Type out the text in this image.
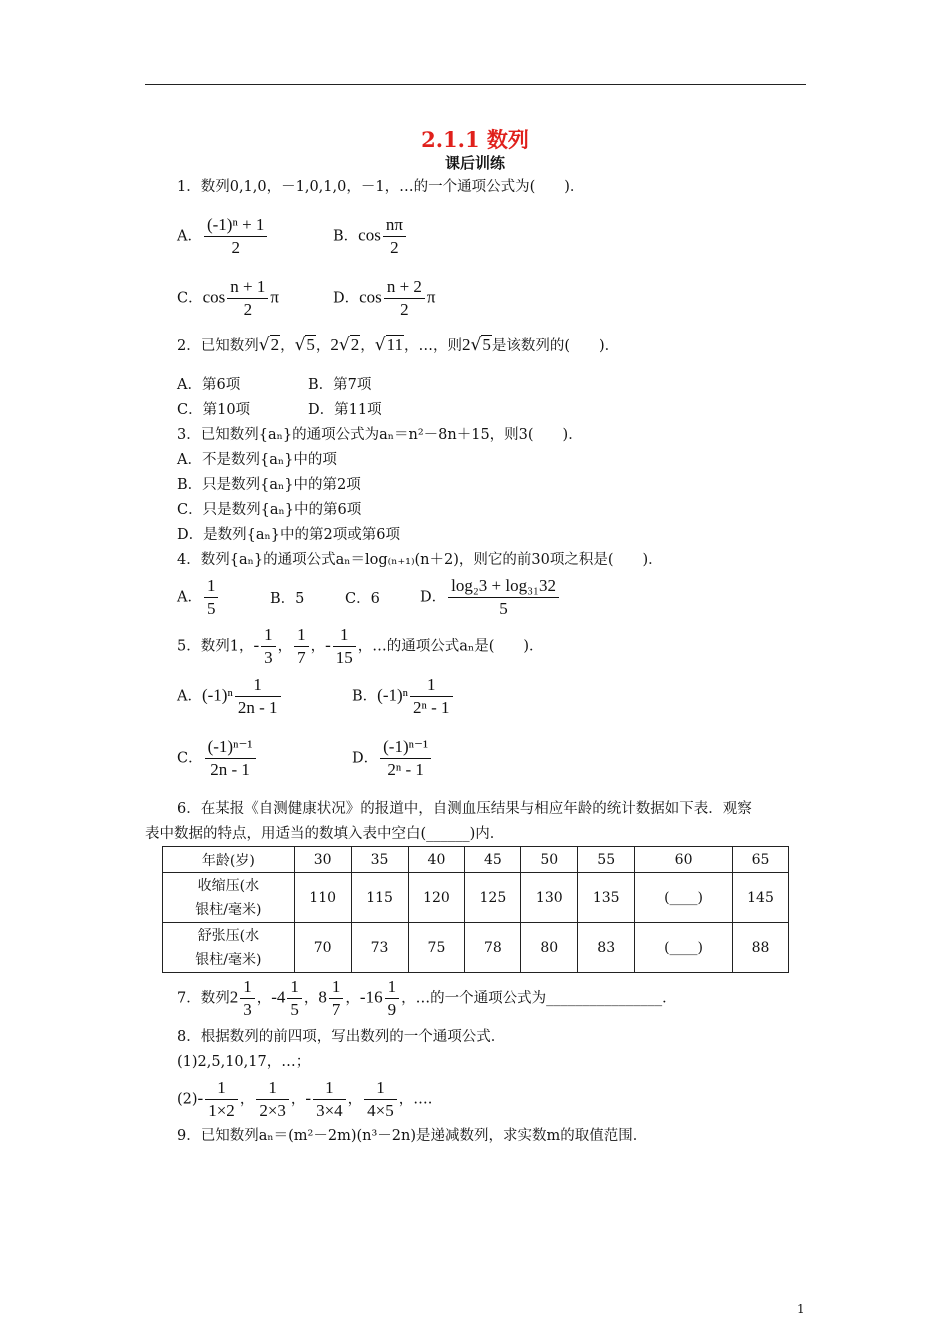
2.1.1 数列
课后训练
1．数列0,1,0，－1,0,1,0，－1，…的一个通项公式为(　　)．
A． $\frac{\text{(-1)ⁿ + 1}}{2}$	B．$\cos \frac{n\pi}{2}$
C．$\cos \frac{n + 1}{2}$ π	D．$\cos \frac{n + 2}{2}$ π
2．已知数列√2，√5，2√2，√11，…，则2√5是该数列的(　　)．
A．第6项	B．第7项
C．第10项	D．第11项
3．已知数列{aₙ}的通项公式为aₙ＝n²－8n＋15，则3(　　)．
A．不是数列{aₙ}中的项
B．只是数列{aₙ}中的第2项
C．只是数列{aₙ}中的第6项
D．是数列{aₙ}中的第2项或第6项
4．数列{aₙ}的通项公式aₙ＝log₍ₙ₊₁₎(n＋2)，则它的前30项之积是(　　)．
A． $\frac{1}{5}$	B．5	C．6	D． $\frac{\text{log₂3 + log₃₁32}}{5}$
5．数列1，- $\frac{1}{3}$ ， $\frac{1}{7}$ ，- $\frac{1}{15}$ ，…的通项公式aₙ是(　　)．
A．$(-1)^n \frac{1}{2n - 1}$	B．$(-1)^n \frac{1}{\text{2ⁿ - 1}}$
C． $\frac{\text{(-1)ⁿ⁻¹}}{2n - 1}$	D． $\frac{\text{(-1)ⁿ⁻¹}}{\text{2ⁿ - 1}}$
6．在某报《自测健康状况》的报道中，自测血压结果与相应年龄的统计数据如下表．观察
表中数据的特点，用适当的数填入表中空白(______)内．
年龄(岁)	30	35	40	45	50	55	60	65
收缩压(水
银柱/毫米)	110	115	120	125	130	135	(____)	145
舒张压(水
银柱/毫米)	70	73	75	78	80	83	(____)	88
7．数列$2 \frac{1}{3}$ ，$-4 \frac{1}{5}$ ，$8 \frac{1}{7}$ ，$-16 \frac{1}{9}$ ，…的一个通项公式为________________．
8．根据数列的前四项，写出数列的一个通项公式．
(1)2,5,10,17，…；
$(2)- \frac{1}{1\times 2}$ ， $\frac{1}{2\times 3}$ ，- $\frac{1}{3\times 4}$ ， $\frac{1}{4\times 5}$ ，….
9．已知数列aₙ＝(m²－2m)(n³－2n)是递减数列，求实数m的取值范围．
1
